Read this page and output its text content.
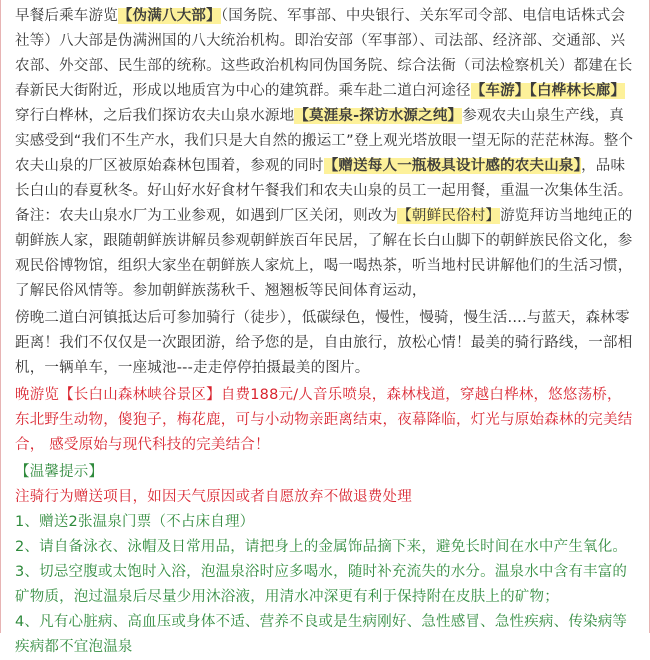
早餐后乘车游览【伪满八大部】（国务院、军事部、中央银行、关东军司令部、电信电话株式会社等）八大部是伪满洲国的八大统治机构。即治安部（军事部）、司法部、经济部、交通部、兴农部、外交部、民生部的统称。这些政治机构同伪国务院、综合法衙（司法检察机关）都建在长春新民大街附近，形成以地质宫为中心的建筑群。乘车赴二道白河途径【车游】【白桦林长廊】穿行白桦林，之后我们探访农夫山泉水源地【莫涯泉-探访水源之纯】参观农夫山泉生产线，真实感受到“我们不生产水，我们只是大自然的搬运工”登上观光塔放眼一望无际的茫茫林海。整个农夫山泉的厂区被原始森林包围着，参观的同时【赠送每人一瓶极具设计感的农夫山泉】，品味长白山的春夏秋冬。好山好水好食材午餐我们和农夫山泉的员工一起用餐，重温一次集体生活。备注：农夫山泉水厂为工业参观，如遇到厂区关闭，则改为【朝鲜民俗村】游览拜访当地纯正的朝鲜族人家，跟随朝鲜族讲解员参观朝鲜族百年民居，了解在长白山脚下的朝鲜族民俗文化，参观民俗博物馆，组织大家坐在朝鲜族人家炕上，喝一喝热茶，听当地村民讲解他们的生活习惯，了解民俗风情等。参加朝鲜族荡秋千、翘翘板等民间体育运动，

傍晚二道白河镇抵达后可参加骑行（徒步），低碳绿色，慢性，慢骑，慢生活....与蓝天，森林零距离！我们不仅仅是一次跟团游，给予您的是，自由旅行，放松心情！最美的骑行路线，一部相机，一辆单车，一座城池---走走停停拍摄最美的图片。

晚游览【长白山森林峡谷景区】自费188元/人音乐喷泉，森林栈道，穿越白桦林，悠悠荡桥，东北野生动物，傻狍子，梅花鹿，可与小动物亲距离结束，夜幕降临，灯光与原始森林的完美结合， 感受原始与现代科技的完美结合！

【温馨提示】

注骑行为赠送项目，如因天气原因或者自愿放弃不做退费处理

1、赠送2张温泉门票（不占床自理）

2、请自备泳衣、泳帽及日常用品，请把身上的金属饰品摘下来，避免长时间在水中产生氧化。

3、切忌空腹或太饱时入浴，泡温泉浴时应多喝水，随时补充流失的水分。温泉水中含有丰富的矿物质，泡过温泉后尽量少用沐浴液，用清水冲深更有利于保持附在皮肤上的矿物；

4、凡有心脏病、高血压或身体不适、营养不良或是生病刚好、急性感冒、急性疾病、传染病等疾病都不宜泡温泉
